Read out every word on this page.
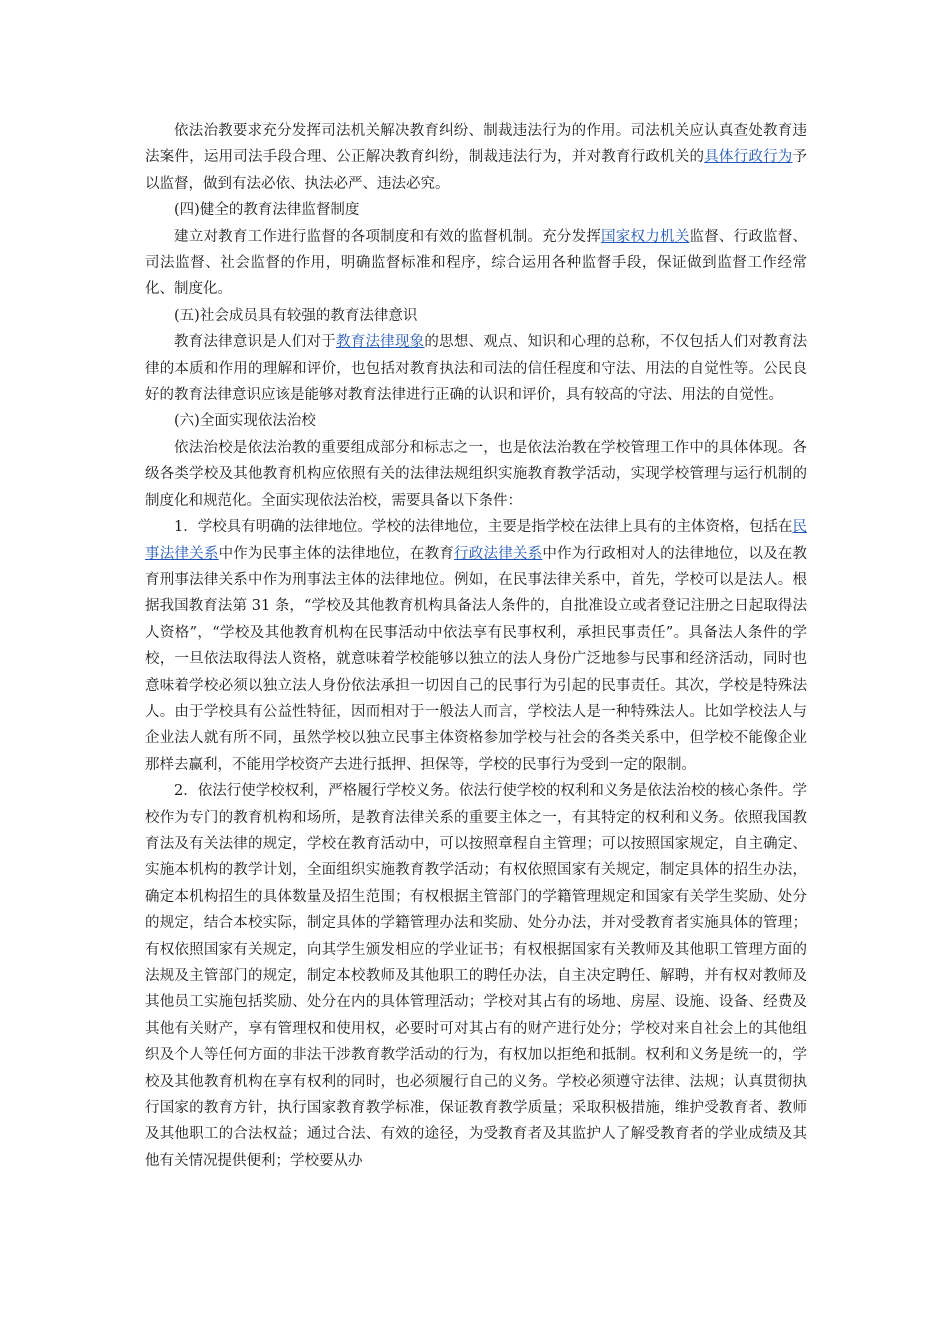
依法治教要求充分发挥司法机关解决教育纠纷、制裁违法行为的作用。司法机关应认真查处教育违法案件，运用司法手段合理、公正解决教育纠纷，制裁违法行为，并对教育行政机关的具体行政行为予以监督，做到有法必依、执法必严、违法必究。

(四)健全的教育法律监督制度

建立对教育工作进行监督的各项制度和有效的监督机制。充分发挥国家权力机关监督、行政监督、司法监督、社会监督的作用，明确监督标准和程序，综合运用各种监督手段，保证做到监督工作经常化、制度化。

(五)社会成员具有较强的教育法律意识

教育法律意识是人们对于教育法律现象的思想、观点、知识和心理的总称，不仅包括人们对教育法律的本质和作用的理解和评价，也包括对教育执法和司法的信任程度和守法、用法的自觉性等。公民良好的教育法律意识应该是能够对教育法律进行正确的认识和评价，具有较高的守法、用法的自觉性。

(六)全面实现依法治校

依法治校是依法治教的重要组成部分和标志之一，也是依法治教在学校管理工作中的具体体现。各级各类学校及其他教育机构应依照有关的法律法规组织实施教育教学活动，实现学校管理与运行机制的制度化和规范化。全面实现依法治校，需要具备以下条件：

1．学校具有明确的法律地位。学校的法律地位，主要是指学校在法律上具有的主体资格，包括在民事法律关系中作为民事主体的法律地位，在教育行政法律关系中作为行政相对人的法律地位，以及在教育刑事法律关系中作为刑事法主体的法律地位。例如，在民事法律关系中，首先，学校可以是法人。根据我国教育法第 31 条，“学校及其他教育机构具备法人条件的，自批准设立或者登记注册之日起取得法人资格”，“学校及其他教育机构在民事活动中依法享有民事权利，承担民事责任”。具备法人条件的学校，一旦依法取得法人资格，就意味着学校能够以独立的法人身份广泛地参与民事和经济活动，同时也意味着学校必须以独立法人身份依法承担一切因自己的民事行为引起的民事责任。其次，学校是特殊法人。由于学校具有公益性特征，因而相对于一般法人而言，学校法人是一种特殊法人。比如学校法人与企业法人就有所不同，虽然学校以独立民事主体资格参加学校与社会的各类关系中，但学校不能像企业那样去赢利，不能用学校资产去进行抵押、担保等，学校的民事行为受到一定的限制。

2．依法行使学校权利，严格履行学校义务。依法行使学校的权利和义务是依法治校的核心条件。学校作为专门的教育机构和场所，是教育法律关系的重要主体之一，有其特定的权利和义务。依照我国教育法及有关法律的规定，学校在教育活动中，可以按照章程自主管理；可以按照国家规定，自主确定、实施本机构的教学计划，全面组织实施教育教学活动；有权依照国家有关规定，制定具体的招生办法，确定本机构招生的具体数量及招生范围；有权根据主管部门的学籍管理规定和国家有关学生奖励、处分的规定，结合本校实际，制定具体的学籍管理办法和奖励、处分办法，并对受教育者实施具体的管理；有权依照国家有关规定，向其学生颁发相应的学业证书；有权根据国家有关教师及其他职工管理方面的法规及主管部门的规定，制定本校教师及其他职工的聘任办法，自主决定聘任、解聘，并有权对教师及其他员工实施包括奖励、处分在内的具体管理活动；学校对其占有的场地、房屋、设施、设备、经费及其他有关财产，享有管理权和使用权，必要时可对其占有的财产进行处分；学校对来自社会上的其他组织及个人等任何方面的非法干涉教育教学活动的行为，有权加以拒绝和抵制。权利和义务是统一的，学校及其他教育机构在享有权利的同时，也必须履行自己的义务。学校必须遵守法律、法规；认真贯彻执行国家的教育方针，执行国家教育教学标准，保证教育教学质量；采取积极措施，维护受教育者、教师及其他职工的合法权益；通过合法、有效的途径，为受教育者及其监护人了解受教育者的学业成绩及其他有关情况提供便利；学校要从办
